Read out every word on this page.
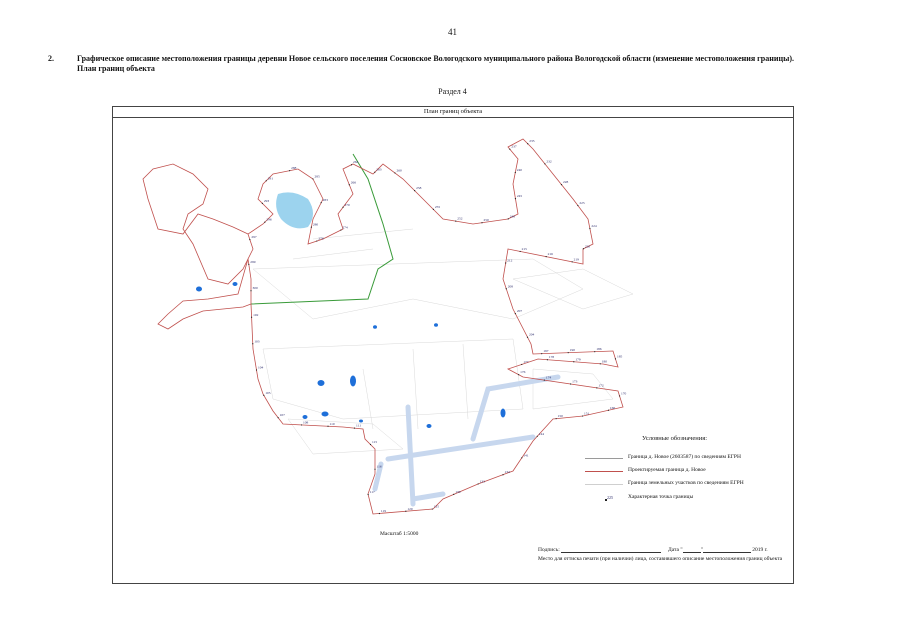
41
2.	Графическое описание местоположения границы деревни Новое сельского поселения Сосновское Вологодского муниципального района Вологодской области (изменение местоположения границы). План границ объекта
Раздел 4
План границ объекта
102
103
104
105
107
108	110	111
115
116
117
119
120
125
130
133
134
141
144
150
151
160
170
172
173
174
176
177
178
179
180
185
186
190
197
204
207
208
212
215
216
219
220
224
225
228
232
235
237
240
245
248
250
252
255
258
260
263
264
266
270
274
276
280
283
285
288
291
293
296
297
299
300
Условные обозначения:
Граница д. Новое (2603587) по сведениям ЕГРН
Проектируемая граница д. Новое
Граница земельных участков по сведениям ЕГРН
225	Характерная точка границы
Масштаб 1:5000
Подпись:	Дата "	"	2019 г.
Место для оттиска печати (при наличии) лица, составившего описание местоположения границ объекта
